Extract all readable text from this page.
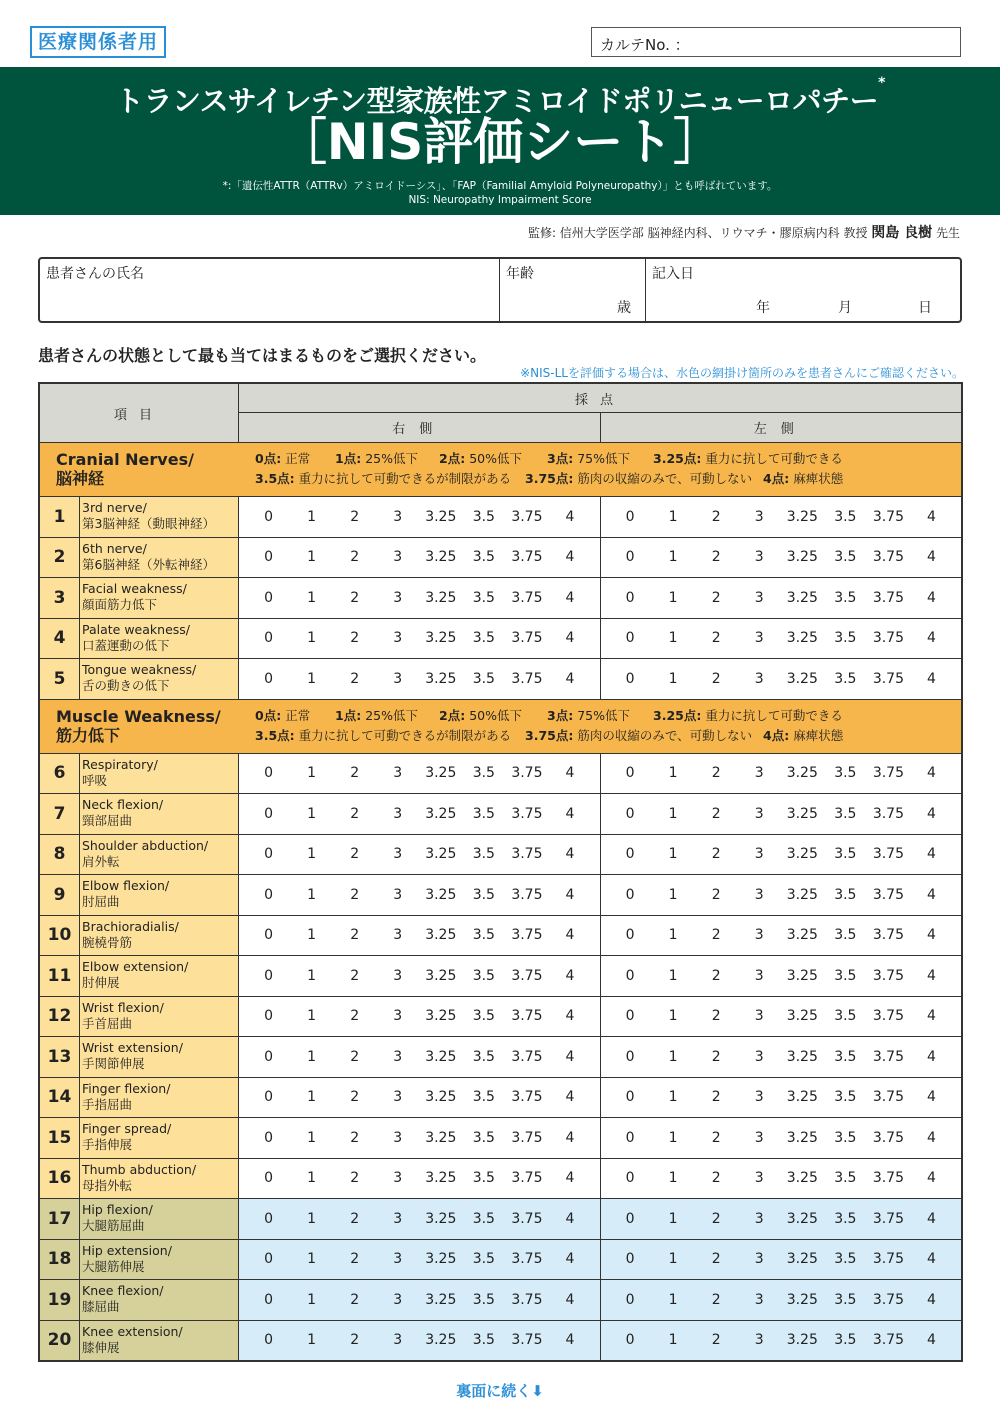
医療関係者用	カルテNo. ：
トランスサイレチン型家族性アミロイドポリニューロパチー*
［NIS評価シート］
*:「遺伝性ATTR（ATTRv）アミロイドーシス」、「FAP（Familial Amyloid Polyneuropathy）」とも呼ばれています。
NIS: Neuropathy Impairment Score
監修: 信州大学医学部 脳神経内科、リウマチ・膠原病内科 教授 関島 良樹 先生
患者さんの氏名	年齢
歳
記入日
年	月	日
患者さんの状態として最も当てはまるものをご選択ください。
※NIS-LLを評価する場合は、水色の網掛け箇所のみを患者さんにご確認ください。
項目
採点
右側	左側
Cranial Nerves/
脳神経
0点: 正常 1点: 25%低下 2点: 50%低下 3点: 75%低下 3.25点: 重力に抗して可動できる
3.5点: 重力に抗して可動できるが制限がある 3.75点: 筋肉の収縮のみで、可動しない 4点: 麻痺状態
1	3rd nerve/
第3脳神経（動眼神経）	0	1	2	3	3.25	3.5	3.75	4	0	1	2	3	3.25	3.5	3.75	4
2	6th nerve/
第6脳神経（外転神経）	0	1	2	3	3.25	3.5	3.75	4	0	1	2	3	3.25	3.5	3.75	4
3	Facial weakness/
顔面筋力低下	0	1	2	3	3.25	3.5	3.75	4	0	1	2	3	3.25	3.5	3.75	4
4	Palate weakness/
口蓋運動の低下	0	1	2	3	3.25	3.5	3.75	4	0	1	2	3	3.25	3.5	3.75	4
5	Tongue weakness/
舌の動きの低下	0	1	2	3	3.25	3.5	3.75	4	0	1	2	3	3.25	3.5	3.75	4
Muscle Weakness/
筋力低下
0点: 正常 1点: 25%低下 2点: 50%低下 3点: 75%低下 3.25点: 重力に抗して可動できる
3.5点: 重力に抗して可動できるが制限がある 3.75点: 筋肉の収縮のみで、可動しない 4点: 麻痺状態
6	Respiratory/
呼吸	0	1	2	3	3.25	3.5	3.75	4	0	1	2	3	3.25	3.5	3.75	4
7	Neck flexion/
頸部屈曲	0	1	2	3	3.25	3.5	3.75	4	0	1	2	3	3.25	3.5	3.75	4
8	Shoulder abduction/
肩外転	0	1	2	3	3.25	3.5	3.75	4	0	1	2	3	3.25	3.5	3.75	4
9	Elbow flexion/
肘屈曲	0	1	2	3	3.25	3.5	3.75	4	0	1	2	3	3.25	3.5	3.75	4
10 Brachioradialis/
腕橈骨筋	0	1	2	3	3.25	3.5	3.75	4	0	1	2	3	3.25	3.5	3.75	4
11 Elbow extension/
肘伸展	0	1	2	3	3.25	3.5	3.75	4	0	1	2	3	3.25	3.5	3.75	4
12 Wrist flexion/
手首屈曲	0	1	2	3	3.25	3.5	3.75	4	0	1	2	3	3.25	3.5	3.75	4
13 Wrist extension/
手関節伸展	0	1	2	3	3.25	3.5	3.75	4	0	1	2	3	3.25	3.5	3.75	4
14 Finger flexion/
手指屈曲	0	1	2	3	3.25	3.5	3.75	4	0	1	2	3	3.25	3.5	3.75	4
15 Finger spread/
手指伸展	0	1	2	3	3.25	3.5	3.75	4	0	1	2	3	3.25	3.5	3.75	4
16 Thumb abduction/
母指外転	0	1	2	3	3.25	3.5	3.75	4	0	1	2	3	3.25	3.5	3.75	4
17 Hip flexion/
大腿筋屈曲	0	1	2	3	3.25	3.5	3.75	4	0	1	2	3	3.25	3.5	3.75	4
18 Hip extension/
大腿筋伸展	0	1	2	3	3.25	3.5	3.75	4	0	1	2	3	3.25	3.5	3.75	4
19 Knee flexion/
膝屈曲	0	1	2	3	3.25	3.5	3.75	4	0	1	2	3	3.25	3.5	3.75	4
20 Knee extension/
膝伸展	0	1	2	3	3.25	3.5	3.75	4	0	1	2	3	3.25	3.5	3.75	4
裏面に続く⬇
